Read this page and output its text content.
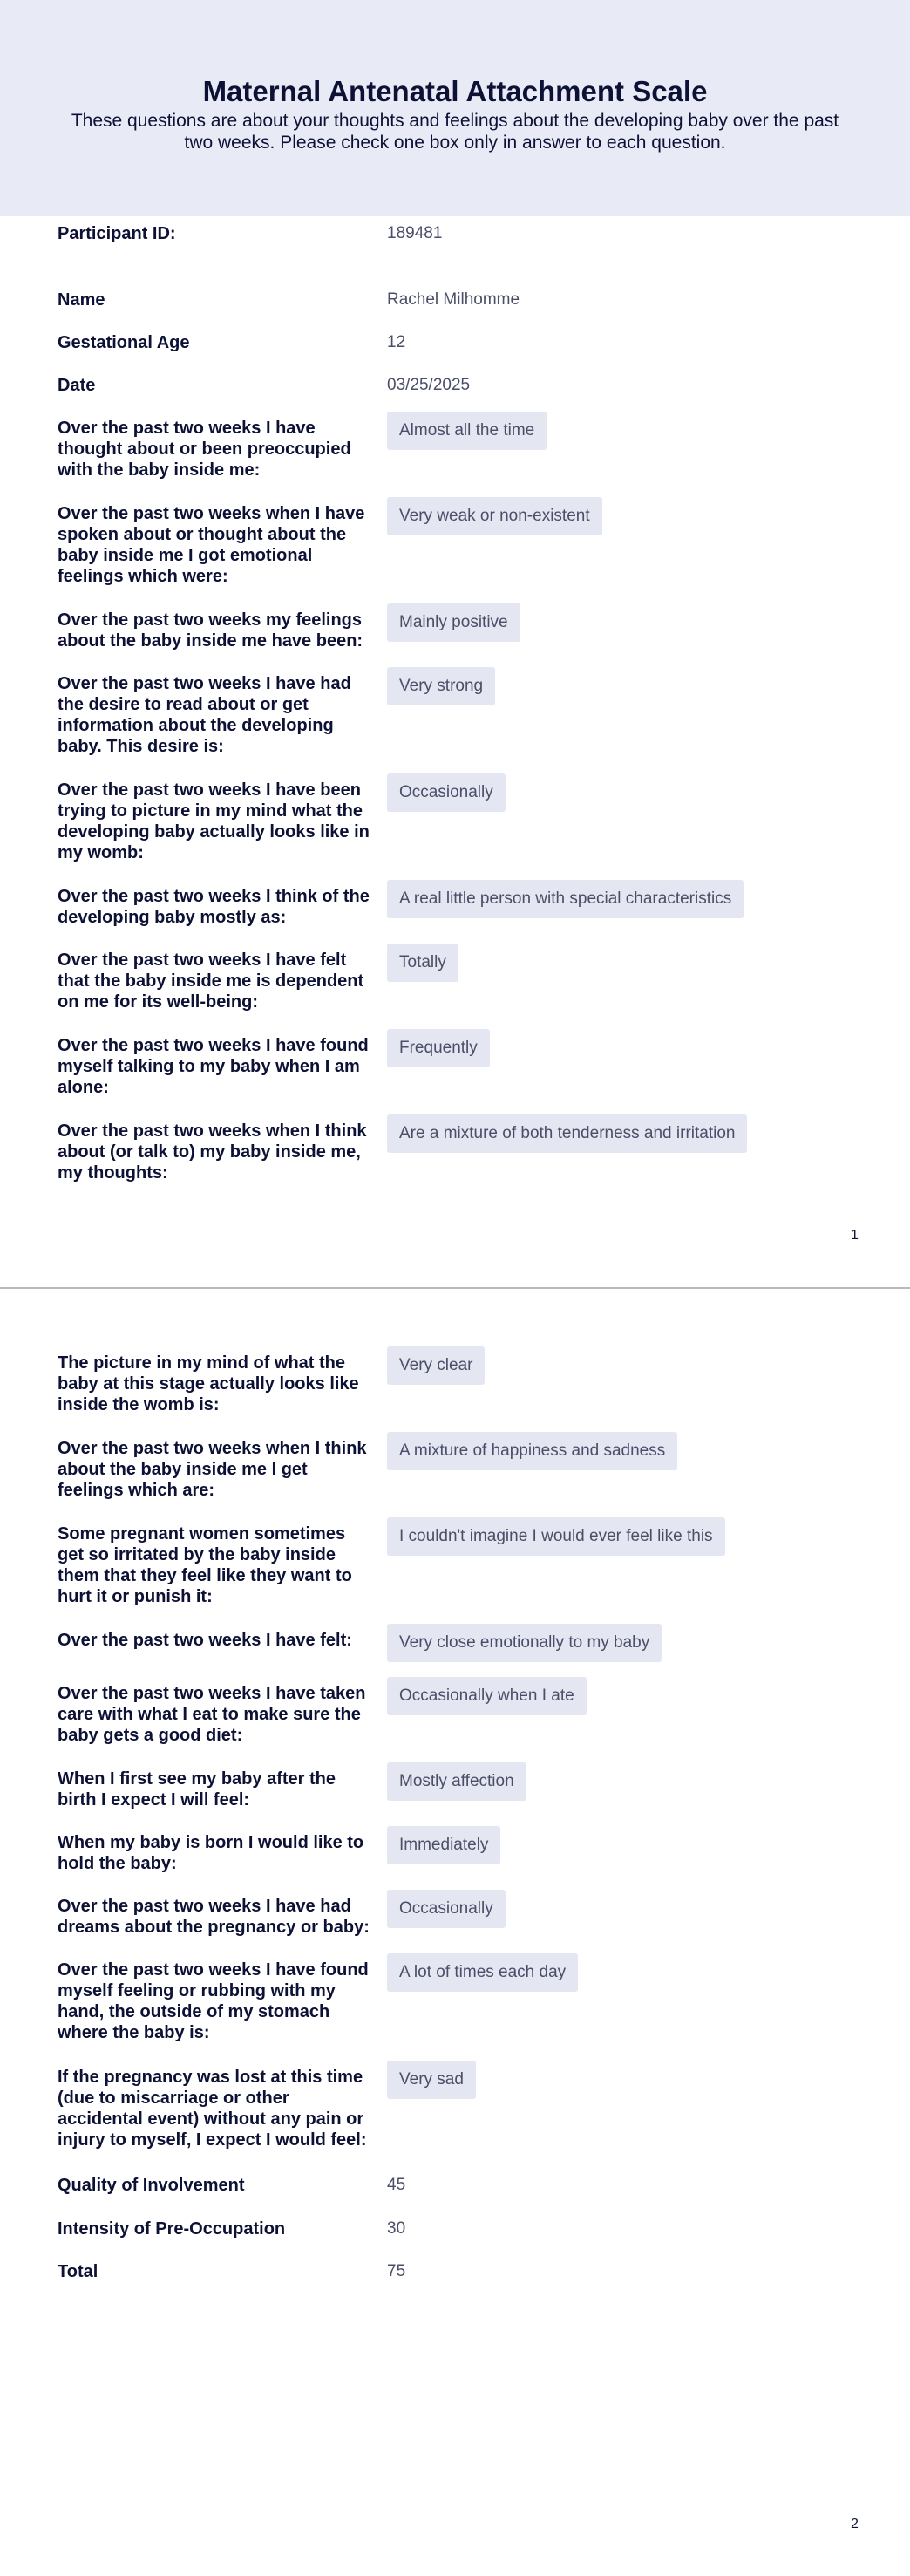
Maternal Antenatal Attachment Scale

These questions are about your thoughts and feelings about the developing baby over the past two weeks. Please check one box only in answer to each question.

Participant ID:	189481
Name	Rachel Milhomme
Gestational Age	12
Date	03/25/2025
Over the past two weeks I have thought about or been preoccupied with the baby inside me:
Almost all the time
Over the past two weeks when I have spoken about or thought about the baby inside me I got emotional feelings which were:
Very weak or non-existent
Over the past two weeks my feelings about the baby inside me have been:
Mainly positive
Over the past two weeks I have had the desire to read about or get information about the developing baby. This desire is:
Very strong
Over the past two weeks I have been trying to picture in my mind what the developing baby actually looks like in my womb:
Occasionally
Over the past two weeks I think of the developing baby mostly as:
A real little person with special characteristics
Over the past two weeks I have felt that the baby inside me is dependent on me for its well-being:
Totally
Over the past two weeks I have found myself talking to my baby when I am alone:
Frequently
Over the past two weeks when I think about (or talk to) my baby inside me, my thoughts:
Are a mixture of both tenderness and irritation
1
The picture in my mind of what the baby at this stage actually looks like inside the womb is:
Very clear
Over the past two weeks when I think about the baby inside me I get feelings which are:
A mixture of happiness and sadness
Some pregnant women sometimes get so irritated by the baby inside them that they feel like they want to hurt it or punish it:
I couldn't imagine I would ever feel like this
Over the past two weeks I have felt:	Very close emotionally to my baby
Over the past two weeks I have taken care with what I eat to make sure the baby gets a good diet:
Occasionally when I ate
When I first see my baby after the birth I expect I will feel:
Mostly affection
When my baby is born I would like to hold the baby:
Immediately
Over the past two weeks I have had dreams about the pregnancy or baby:
Occasionally
Over the past two weeks I have found myself feeling or rubbing with my hand, the outside of my stomach where the baby is:
A lot of times each day
If the pregnancy was lost at this time (due to miscarriage or other accidental event) without any pain or injury to myself, I expect I would feel:
Very sad
Quality of Involvement	45
Intensity of Pre-Occupation	30
Total	75
2
